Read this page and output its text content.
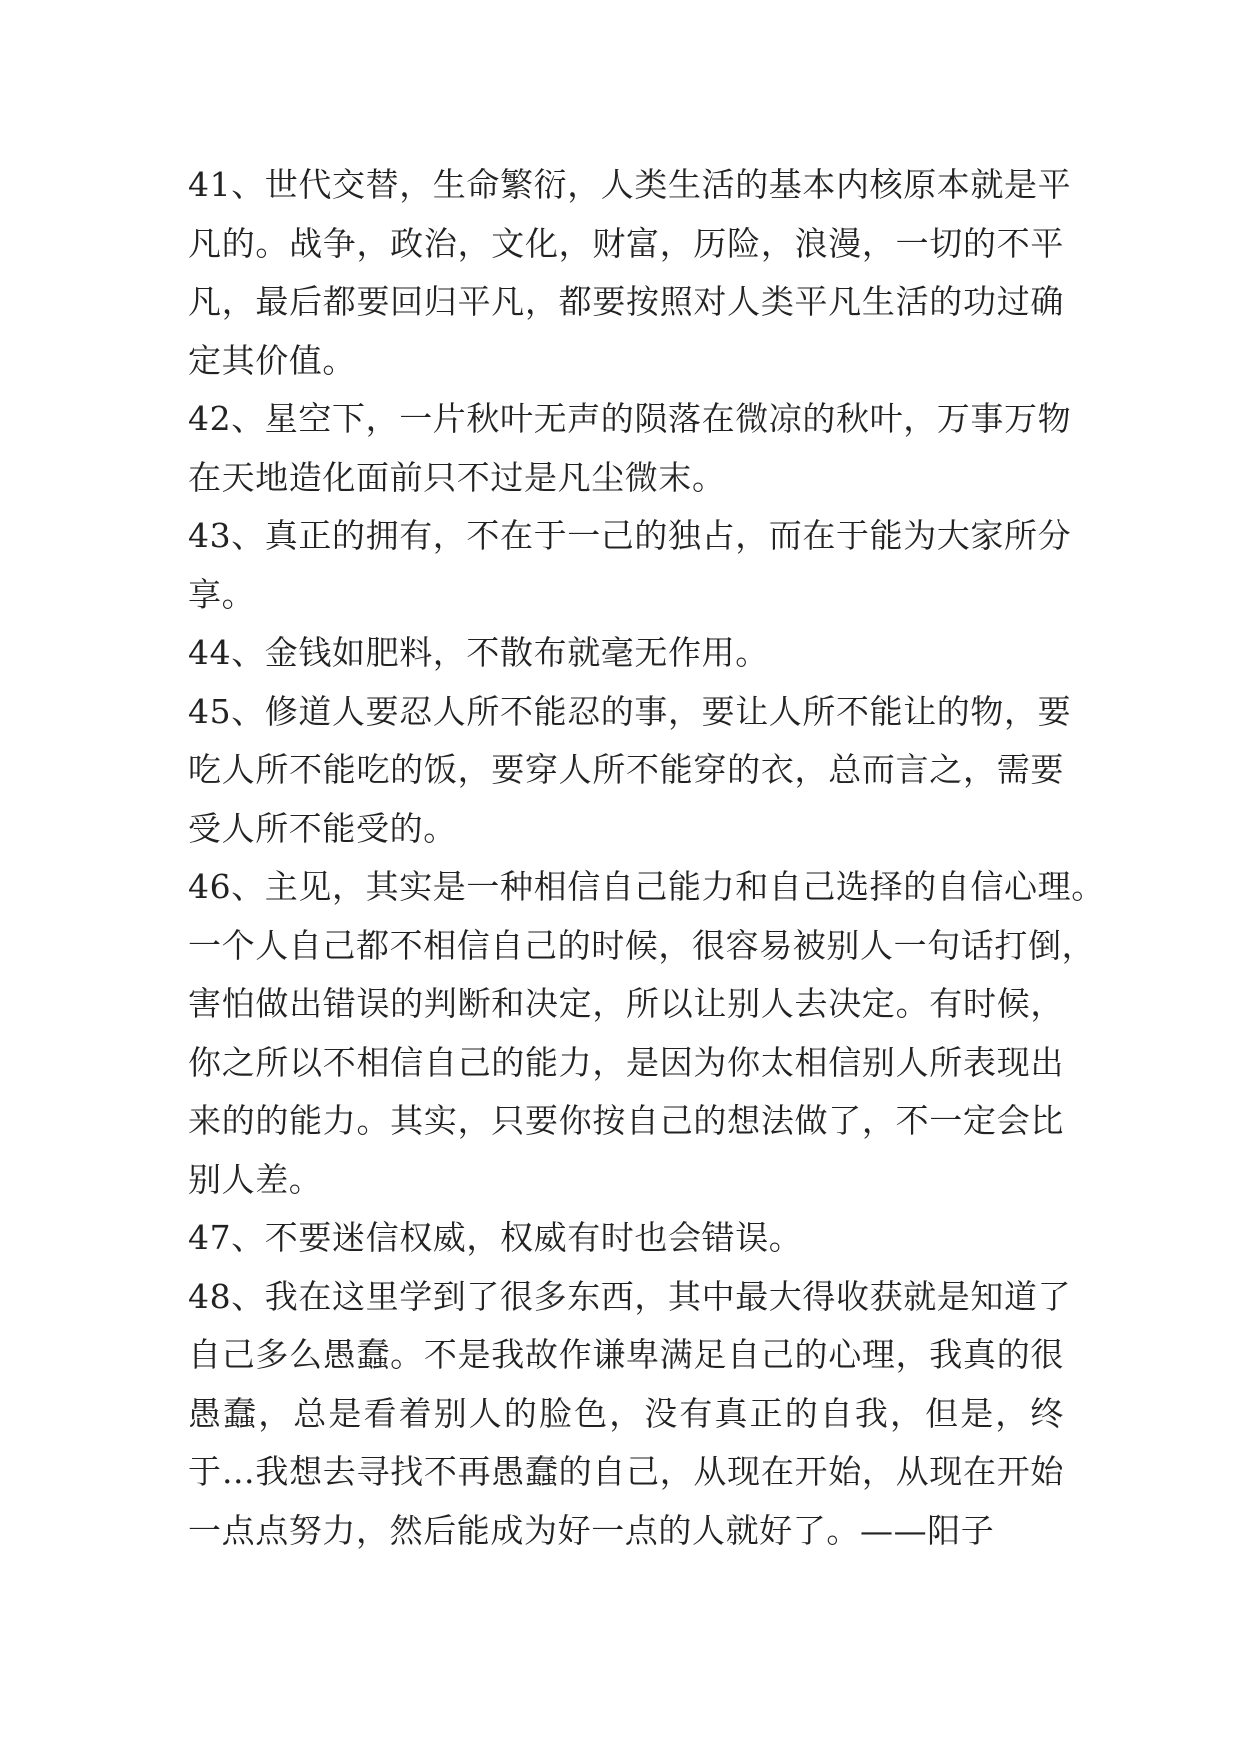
41、世代交替，生命繁衍，人类生活的基本内核原本就是平
凡的。战争，政治，文化，财富，历险，浪漫，一切的不平
凡，最后都要回归平凡，都要按照对人类平凡生活的功过确
定其价值。
42、星空下，一片秋叶无声的陨落在微凉的秋叶，万事万物
在天地造化面前只不过是凡尘微末。
43、真正的拥有，不在于一己的独占，而在于能为大家所分
享。
44、金钱如肥料，不散布就毫无作用。
45、修道人要忍人所不能忍的事，要让人所不能让的物，要
吃人所不能吃的饭，要穿人所不能穿的衣，总而言之，需要
受人所不能受的。
46、主见，其实是一种相信自己能力和自己选择的自信心理。
一个人自己都不相信自己的时候，很容易被别人一句话打倒，
害怕做出错误的判断和决定，所以让别人去决定。有时候，
你之所以不相信自己的能力，是因为你太相信别人所表现出
来的的能力。其实，只要你按自己的想法做了，不一定会比
别人差。
47、不要迷信权威，权威有时也会错误。
48、我在这里学到了很多东西，其中最大得收获就是知道了
自己多么愚蠢。不是我故作谦卑满足自己的心理，我真的很
愚蠢，总是看着别人的脸色，没有真正的自我，但是，终
于…我想去寻找不再愚蠢的自己，从现在开始，从现在开始
一点点努力，然后能成为好一点的人就好了。——阳子
